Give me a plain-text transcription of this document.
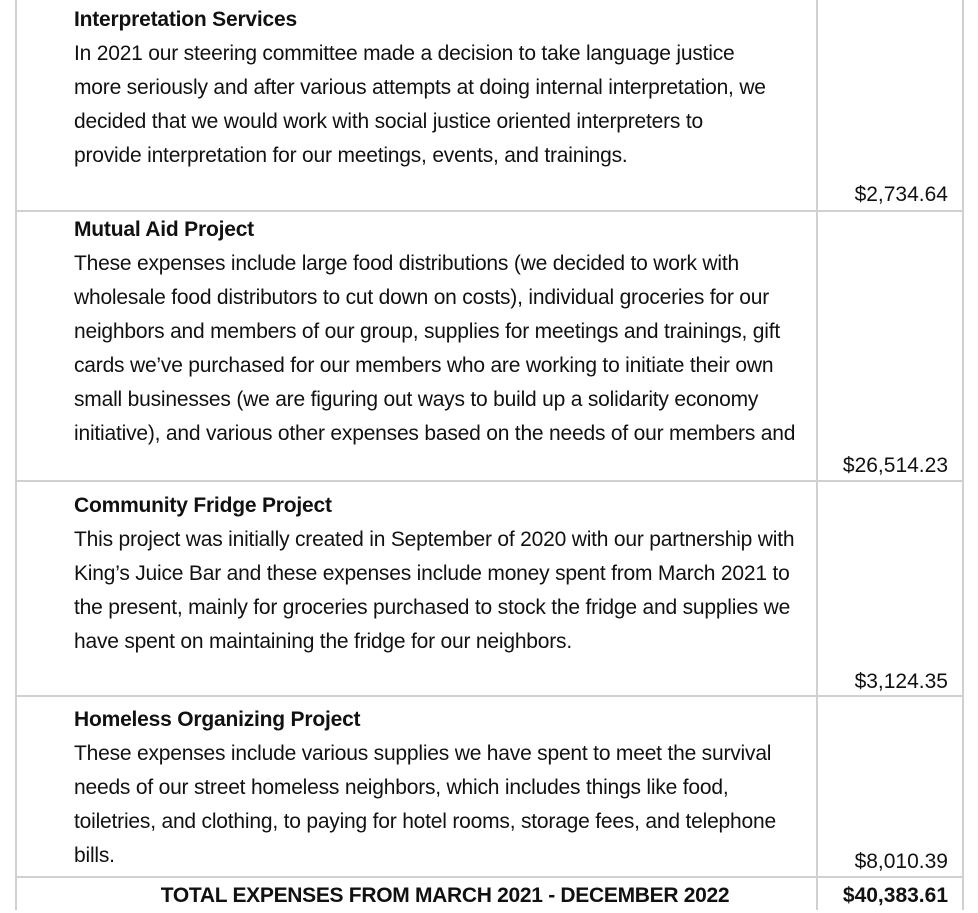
Interpretation Services
In 2021 our steering committee made a decision to take language justice more seriously and after various attempts at doing internal interpretation, we decided that we would work with social justice oriented interpreters to provide interpretation for our meetings, events, and trainings.
$2,734.64
Mutual Aid Project
These expenses include large food distributions (we decided to work with wholesale food distributors to cut down on costs), individual groceries for our neighbors and members of our group, supplies for meetings and trainings, gift cards we’ve purchased for our members who are working to initiate their own small businesses (we are figuring out ways to build up a solidarity economy initiative), and various other expenses based on the needs of our members and
$26,514.23
Community Fridge Project
This project was initially created in September of 2020 with our partnership with King’s Juice Bar and these expenses include money spent from March 2021 to the present, mainly for groceries purchased to stock the fridge and supplies we have spent on maintaining the fridge for our neighbors.
$3,124.35
Homeless Organizing Project
These expenses include various supplies we have spent to meet the survival needs of our street homeless neighbors, which includes things like food, toiletries, and clothing, to paying for hotel rooms, storage fees, and telephone bills.	$8,010.39
TOTAL EXPENSES FROM MARCH 2021 - DECEMBER 2022	$40,383.61
